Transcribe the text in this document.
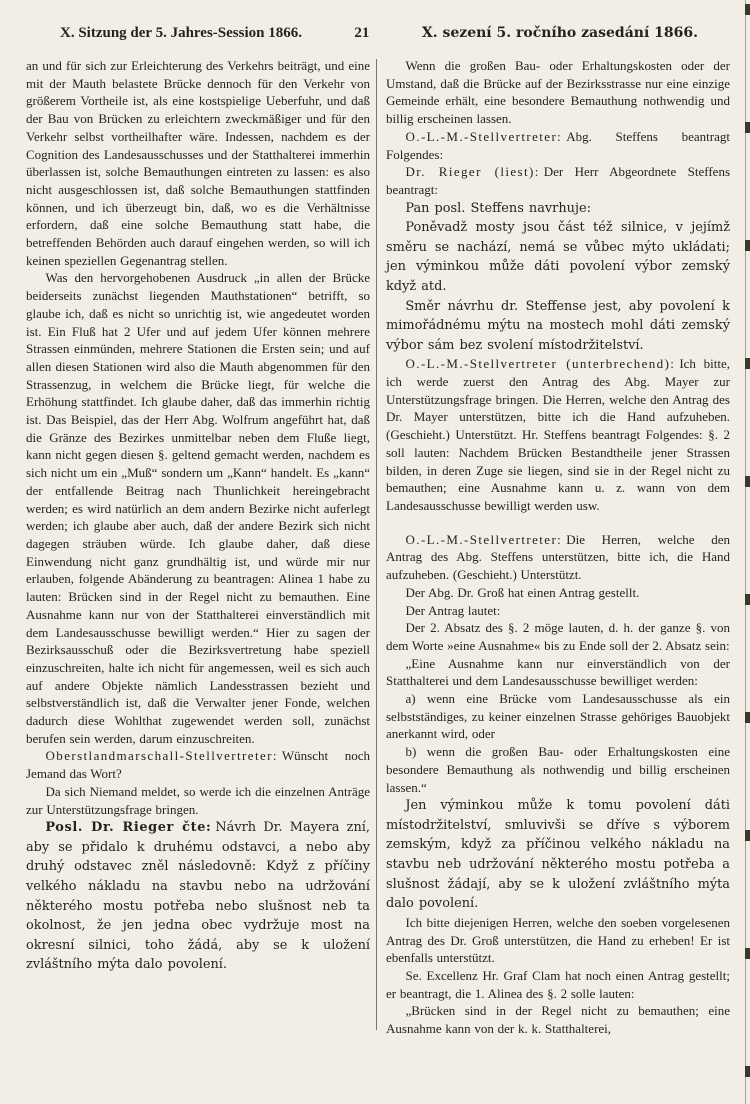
X. Sitzung der 5. Jahres-Session 1866.	21	X. sezení 5. ročního zasedání 1866.

an und für sich zur Erleichterung des Verkehrs beiträgt, und eine mit der Mauth belastete Brücke dennoch für den Verkehr von größerem Vortheile ist, als eine kostspielige Ueberfuhr, und daß der Bau von Brücken zu erleichtern zweckmäßiger und für den Verkehr selbst vortheilhafter wäre. Indessen, nachdem es der Cognition des Landesausschusses und der Statthalterei immerhin überlassen ist, solche Bemauthungen eintreten zu lassen: es also nicht ausgeschlossen ist, daß solche Bemauthungen stattfinden können, und ich überzeugt bin, daß, wo es die Verhältnisse erfordern, daß eine solche Bemauthung statt habe, die betreffenden Behörden auch darauf eingehen werden, so will ich keinen speziellen Gegenantrag stellen.

Was den hervorgehobenen Ausdruck „in allen der Brücke beiderseits zunächst liegenden Mauthstationen“ betrifft, so glaube ich, daß es nicht so unrichtig ist, wie angedeutet worden ist. Ein Fluß hat 2 Ufer und auf jedem Ufer können mehrere Strassen einmünden, mehrere Stationen die Ersten sein; und auf allen diesen Stationen wird also die Mauth abgenommen für den Strassenzug, in welchem die Brücke liegt, für welche die Erhöhung stattfindet. Ich glaube daher, daß das immerhin richtig ist. Das Beispiel, das der Herr Abg. Wolfrum angeführt hat, daß die Gränze des Bezirkes unmittelbar neben dem Fluße liegt, kann nicht gegen diesen §. geltend gemacht werden, nachdem es sich nicht um ein „Muß“ sondern um „Kann“ handelt. Es „kann“ der entfallende Beitrag nach Thunlichkeit hereingebracht werden; es wird natürlich an dem andern Bezirke nicht auferlegt werden; ich glaube aber auch, daß der andere Bezirk sich nicht dagegen sträuben würde. Ich glaube daher, daß diese Einwendung nicht ganz grundhältig ist, und würde mir nur erlauben, folgende Abänderung zu beantragen: Alinea 1 habe zu lauten: Brücken sind in der Regel nicht zu bemauthen. Eine Ausnahme kann nur von der Statthalterei einverständlich mit dem Landesausschusse bewilligt werden.“ Hier zu sagen der Bezirksausschuß oder die Bezirksvertretung habe speziell einzuschreiten, halte ich nicht für angemessen, weil es sich auch auf andere Objekte nämlich Landesstrassen bezieht und selbstverständlich ist, daß die Verwalter jener Fonde, welchen dadurch diese Wohlthat zugewendet werden soll, zunächst berufen sein werden, darum einzuschreiten.

Oberstlandmarschall-Stellvertreter: Wünscht noch Jemand das Wort?

Da sich Niemand meldet, so werde ich die einzelnen Anträge zur Unterstützungsfrage bringen.

Posl. Dr. Rieger čte: Návrh Dr. Mayera zní, aby se přidalo k druhému odstavci, a nebo aby druhý odstavec zněl následovně: Když z příčiny velkého nákladu na stavbu nebo na udržování některého mostu potřeba nebo slušnost neb ta okolnost, že jen jedna obec vydržuje most na okresní silnici, toho žádá, aby se k uložení zvláštního mýta dalo povolení.

Wenn die großen Bau- oder Erhaltungskosten oder der Umstand, daß die Brücke auf der Bezirksstrasse nur eine einzige Gemeinde erhält, eine besondere Bemauthung nothwendig und billig erscheinen lassen.

O.-L.-M.-Stellvertreter: Abg. Steffens beantragt Folgendes:

Dr. Rieger (liest): Der Herr Abgeordnete Steffens beantragt:

Pan posl. Steffens navrhuje:

Poněvadž mosty jsou část též silnice, v jejímž směru se nachází, nemá se vůbec mýto ukládati; jen výminkou může dáti povolení výbor zemský když atd.

Směr návrhu dr. Steffense jest, aby povolení k mimořádnému mýtu na mostech mohl dáti zemský výbor sám bez svolení místodržitelství.

O.-L.-M.-Stellvertreter (unterbrechend): Ich bitte, ich werde zuerst den Antrag des Abg. Mayer zur Unterstützungsfrage bringen. Die Herren, welche den Antrag des Dr. Mayer unterstützen, bitte ich die Hand aufzuheben. (Geschieht.) Unterstützt. Hr. Steffens beantragt Folgendes: §. 2 soll lauten: Nachdem Brücken Bestandtheile jener Strassen bilden, in deren Zuge sie liegen, sind sie in der Regel nicht zu bemauthen; eine Ausnahme kann u. z. wann von dem Landesausschusse bewilligt werden usw.

O.-L.-M.-Stellvertreter: Die Herren, welche den Antrag des Abg. Steffens unterstützen, bitte ich, die Hand aufzuheben. (Geschieht.) Unterstützt.

Der Abg. Dr. Groß hat einen Antrag gestellt.

Der Antrag lautet:

Der 2. Absatz des §. 2 möge lauten, d. h. der ganze §. von dem Worte »eine Ausnahme« bis zu Ende soll der 2. Absatz sein:

„Eine Ausnahme kann nur einverständlich von der Statthalterei und dem Landesausschusse bewilliget werden:

a) wenn eine Brücke vom Landesausschusse als ein selbstständiges, zu keiner einzelnen Strasse gehöriges Bauobjekt anerkannt wird, oder

b) wenn die großen Bau- oder Erhaltungskosten eine besondere Bemauthung als nothwendig und billig erscheinen lassen.“

Jen výminkou může k tomu povolení dáti místodržitelství, smluvivši se dříve s výborem zemským, když za příčinou velkého nákladu na stavbu neb udržování některého mostu potřeba a slušnost žádají, aby se k uložení zvláštního mýta dalo povolení.

Ich bitte diejenigen Herren, welche den soeben vorgelesenen Antrag des Dr. Groß unterstützen, die Hand zu erheben! Er ist ebenfalls unterstützt.

Se. Excellenz Hr. Graf Clam hat noch einen Antrag gestellt; er beantragt, die 1. Alinea des §. 2 solle lauten:

„Brücken sind in der Regel nicht zu bemauthen; eine Ausnahme kann von der k. k. Statthalterei,
